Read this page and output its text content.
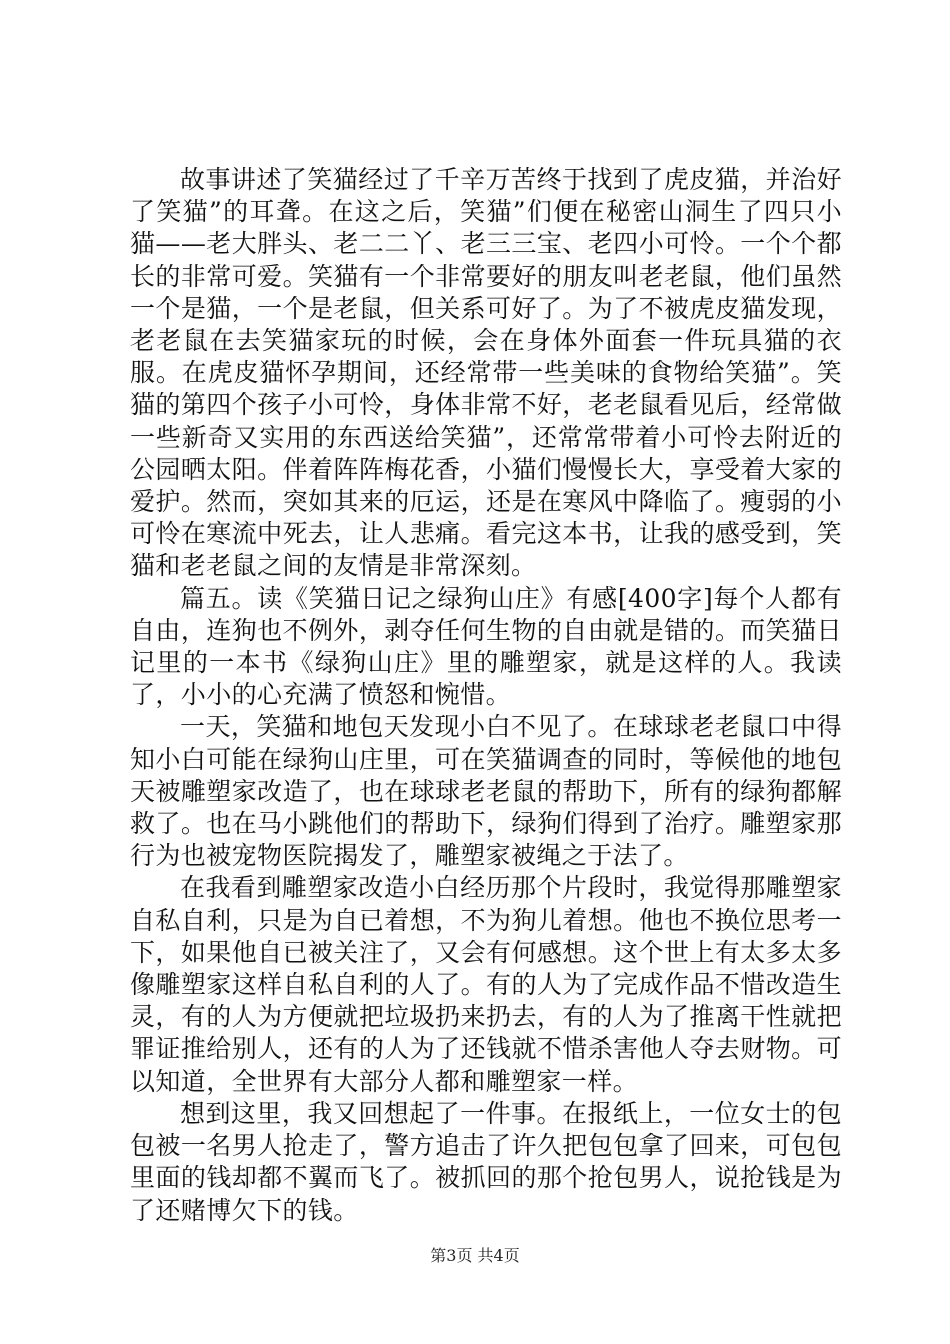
故事讲述了笑猫经过了千辛万苦终于找到了虎皮猫，并治好了笑猫”的耳聋。在这之后，笑猫”们便在秘密山洞生了四只小猫——老大胖头、老二二丫、老三三宝、老四小可怜。一个个都长的非常可爱。笑猫有一个非常要好的朋友叫老老鼠，他们虽然一个是猫，一个是老鼠，但关系可好了。为了不被虎皮猫发现，老老鼠在去笑猫家玩的时候，会在身体外面套一件玩具猫的衣服。在虎皮猫怀孕期间，还经常带一些美味的食物给笑猫”。笑猫的第四个孩子小可怜，身体非常不好，老老鼠看见后，经常做一些新奇又实用的东西送给笑猫”，还常常带着小可怜去附近的公园晒太阳。伴着阵阵梅花香，小猫们慢慢长大，享受着大家的爱护。然而，突如其来的厄运，还是在寒风中降临了。瘦弱的小可怜在寒流中死去，让人悲痛。看完这本书，让我的感受到，笑猫和老老鼠之间的友情是非常深刻。

篇五。读《笑猫日记之绿狗山庄》有感[400字]每个人都有自由，连狗也不例外，剥夺任何生物的自由就是错的。而笑猫日记里的一本书《绿狗山庄》里的雕塑家，就是这样的人。我读了，小小的心充满了愤怒和惋惜。

一天，笑猫和地包天发现小白不见了。在球球老老鼠口中得知小白可能在绿狗山庄里，可在笑猫调查的同时，等候他的地包天被雕塑家改造了，也在球球老老鼠的帮助下，所有的绿狗都解救了。也在马小跳他们的帮助下，绿狗们得到了治疗。雕塑家那行为也被宠物医院揭发了，雕塑家被绳之于法了。

在我看到雕塑家改造小白经历那个片段时，我觉得那雕塑家自私自利，只是为自已着想，不为狗儿着想。他也不换位思考一下，如果他自已被关注了，又会有何感想。这个世上有太多太多像雕塑家这样自私自利的人了。有的人为了完成作品不惜改造生灵，有的人为方便就把垃圾扔来扔去，有的人为了推离干性就把罪证推给别人，还有的人为了还钱就不惜杀害他人夺去财物。可以知道，全世界有大部分人都和雕塑家一样。

想到这里，我又回想起了一件事。在报纸上，一位女士的包包被一名男人抢走了，警方追击了许久把包包拿了回来，可包包里面的钱却都不翼而飞了。被抓回的那个抢包男人，说抢钱是为了还赌博欠下的钱。

第3页 共4页
